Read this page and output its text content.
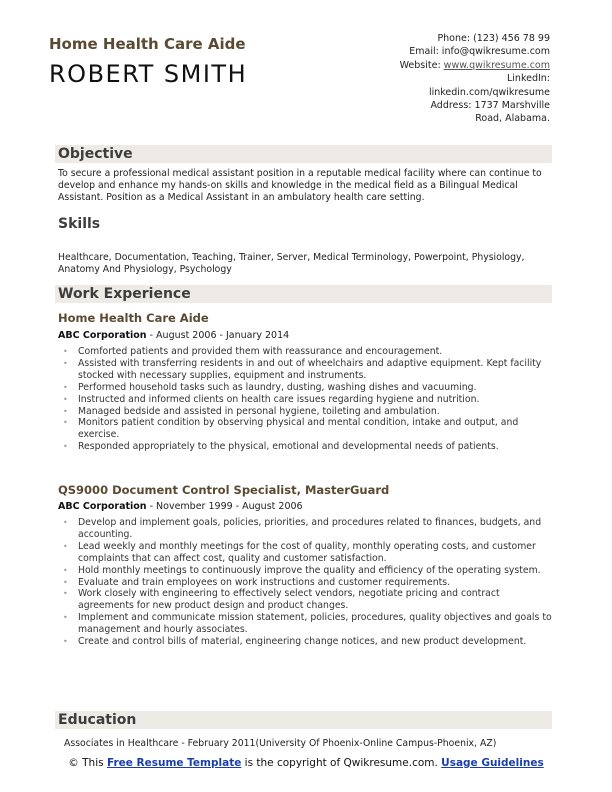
Home Health Care Aide
ROBERT SMITH
Phone: (123) 456 78 99
Email: info@qwikresume.com
Website: www.qwikresume.com
LinkedIn:
linkedin.com/qwikresume
Address: 1737 Marshville Road, Alabama.
Objective
To secure a professional medical assistant position in a reputable medical facility where can continue to develop and enhance my hands-on skills and knowledge in the medical field as a Bilingual Medical Assistant. Position as a Medical Assistant in an ambulatory health care setting.
Skills
Healthcare, Documentation, Teaching, Trainer, Server, Medical Terminology, Powerpoint, Physiology, Anatomy And Physiology, Psychology
Work Experience
Home Health Care Aide
ABC Corporation - August 2006 - January 2014
• Comforted patients and provided them with reassurance and encouragement.
• Assisted with transferring residents in and out of wheelchairs and adaptive equipment. Kept facility stocked with necessary supplies, equipment and instruments.
• Performed household tasks such as laundry, dusting, washing dishes and vacuuming.
• Instructed and informed clients on health care issues regarding hygiene and nutrition.
• Managed bedside and assisted in personal hygiene, toileting and ambulation.
• Monitors patient condition by observing physical and mental condition, intake and output, and exercise.
• Responded appropriately to the physical, emotional and developmental needs of patients.
QS9000 Document Control Specialist, MasterGuard
ABC Corporation - November 1999 - August 2006
• Develop and implement goals, policies, priorities, and procedures related to finances, budgets, and accounting.
• Lead weekly and monthly meetings for the cost of quality, monthly operating costs, and customer complaints that can affect cost, quality and customer satisfaction.
• Hold monthly meetings to continuously improve the quality and efficiency of the operating system.
• Evaluate and train employees on work instructions and customer requirements.
• Work closely with engineering to effectively select vendors, negotiate pricing and contract agreements for new product design and product changes.
• Implement and communicate mission statement, policies, procedures, quality objectives and goals to management and hourly associates.
• Create and control bills of material, engineering change notices, and new product development.
Education
Associates in Healthcare - February 2011(University Of Phoenix-Online Campus-Phoenix, AZ)
© This Free Resume Template is the copyright of Qwikresume.com. Usage Guidelines
